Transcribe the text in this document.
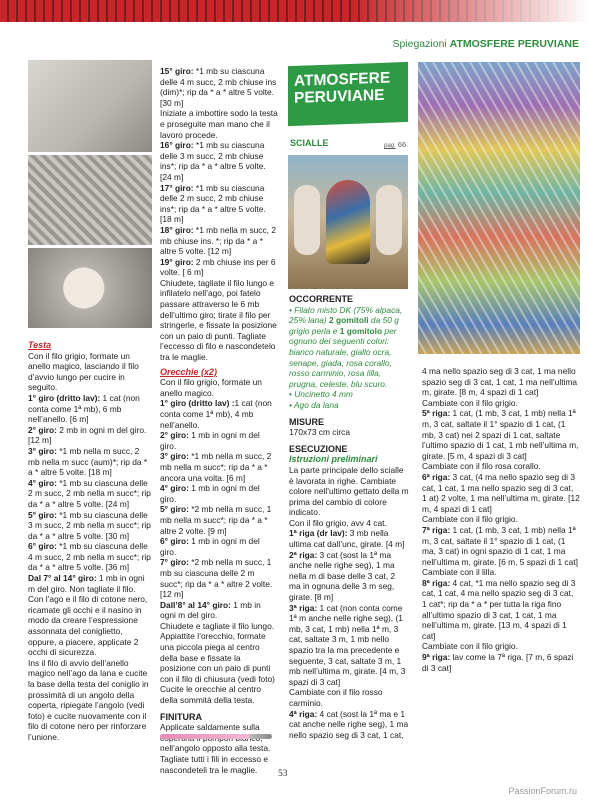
Spiegazioni ATMOSFERE PERUVIANE

Testa

Con il filo grigio, formate un anello magico, lasciando il filo d’avvio lungo per cucire in seguito.

1° giro (dritto lav): 1 cat (non conta come 1ª mb), 6 mb nell’anello. [6 m]

2° giro: 2 mb in ogni m del giro. [12 m]

3° giro: *1 mb nella m succ, 2 mb nella m succ (aum)*; rip da * a * altre 5 volte. [18 m]

4° giro: *1 mb su ciascuna delle 2 m succ, 2 mb nella m succ*; rip da * a * altre 5 volte. [24 m]

5° giro: *1 mb su ciascuna delle 3 m succ, 2 mb nella m succ*; rip da * a * altre 5 volte. [30 m]

6° giro: *1 mb su ciascuna delle 4 m succ, 2 mb nella m succ*; rip da * a * altre 5 volte. [36 m]

Dal 7° al 14° giro: 1 mb in ogni m del giro. Non tagliate il filo.

Con l’ago e il filo di cotone nero, ricamate gli occhi e il nasino in modo da creare l’espressione assonnata del coniglietto, oppure, a piacere, applicate 2 occhi di sicurezza.

Ins il filo di avvio dell’anello magico nell’ago da lana e cucite la base della testa del coniglio in prossimità di un angolo della coperta, ripiegate l’angolo (vedi foto) e cucite nuovamente con il filo di cotone nero per rinforzare l’unione.

15° giro: *1 mb su ciascuna delle 4 m succ, 2 mb chiuse ins (dim)*; rip da * a * altre 5 volte. [30 m]

Iniziate a imbottire sodo la testa e proseguite man mano che il lavoro procede.

16° giro: *1 mb su ciascuna delle 3 m succ, 2 mb chiuse ins*; rip da * a * altre 5 volte. [24 m]

17° giro: *1 mb su ciascuna delle 2 m succ, 2 mb chiuse ins*; rip da * a * altre 5 volte. [18 m]

18° giro: *1 mb nella m succ, 2 mb chiuse ins. *; rip da * a * altre 5 volte. [12 m]

19° giro: 2 mb chiuse ins per 6 volte. [ 6 m]

Chiudete, tagliate il filo lungo e infilatelo nell’ago, poi fatelo passare attraverso le 6 mb dell’ultimo giro; tirate il filo per stringerle, e fissate la posizione con un paio di punti. Tagliate l’eccesso di filo e nascondetelo tra le maglie.

Orecchie (x2)

Con il filo grigio, formate un anello magico.

1° giro (dritto lav) :1 cat (non conta come 1ª mb), 4 mb nell’anello.

2° giro: 1 mb in ogni m del giro.

3° giro: *1 mb nella m succ, 2 mb nella m succ*; rip da * a * ancora una volta. [6 m]

4° giro: 1 mb in ogni m del giro.

5° giro: *2 mb nella m succ, 1 mb nella m succ*; rip da * a * altre 2 volte. [9 m]

6° giro: 1 mb in ogni m del giro.

7° giro: *2 mb nella m succ, 1 mb su ciascuna delle 2 m succ*; rip da * a * altre 2 volte. [12 m]

Dall’8° al 14° giro: 1 mb in ogni m del giro.

Chiudete e tagliate il filo lungo. Appiattite l’orecchio, formate una piccola piega al centro della base e fissate la posizione con un paio di punti con il filo di chiusura (vedi foto)

Cucite le orecchie al centro della sommità della testa.

FINITURA

Applicate saldamente sulla nell’angolo opposto alla testa. Tagliate tutti i fili in eccesso e nascondeteli tra le maglie.

ATMOSFERE
PERUVIANE
SCIALLE	pag. 66

OCCORRENTE

• Filato misto DK (75% alpaca, 25% lana) 2 gomitoli da 50 g grigio perla e 1 gomitolo per ognuno dei seguenti colori: bianco naturale, giallo ocra, senape, giada, rosa corallo, rosso carminio, rosa lilla, prugna, celeste, blu scuro.

• Uncinetto 4 mm

• Ago da lana

MISURE

170x73 cm circa

ESECUZIONE

Istruzioni preliminari

La parte principale dello scialle è lavorata in righe. Cambiate colore nell’ultimo gettato della m prima del cambio di colore indicato.

Con il filo grigio, avv 4 cat.

1ª riga (dr lav): 3 mb nella ultima cat dall’unc, girate. [4 m]

2ª riga: 3 cat (sost la 1ª ma anche nelle righe seg), 1 ma nella m di base delle 3 cat, 2 ma in ognuna delle 3 m seg, girate. [8 m]

3ª riga: 1 cat (non conta come 1ª m anche nelle righe seg), (1 mb, 3 cat, 1 mb) nella 1ª m, 3 cat, saltate 3 m, 1 mb nello spazio tra la ma precedente e seguente, 3 cat, saltate 3 m, 1 mb nell’ultima m, girate. [4 m, 3 spazi di 3 cat]

Cambiate con il filo rosso carminio.

4ª riga: 4 cat (sost la 1ª ma e 1 cat anche nelle righe seg), 1 ma nello spazio seg di 3 cat, 1 cat,

4 ma nello spazio seg di 3 cat, 1 ma nello spazio seg di 3 cat, 1 cat, 1 ma nell’ultima m, girate. [8 m, 4 spazi di 1 cat]

Cambiate con il filo grigio.

5ª riga: 1 cat, (1 mb, 3 cat, 1 mb) nella 1ª m, 3 cat, saltate il 1° spazio di 1 cat, (1 mb, 3 cat) nei 2 spazi di 1 cat, saltate l’ultimo spazio di 1 cat, 1 mb nell’ultima m, girate. [5 m, 4 spazi di 3 cat]

Cambiate con il filo rosa corallo.

6ª riga: 3 cat, (4 ma nello spazio seg di 3 cat, 1 cat, 1 ma nello spazio seg di 3 cat, 1 at) 2 volte, 1 ma nell’ultima m, girate. [12 m, 4 spazi di 1 cat]

Cambiate con il filo grigio.

7ª riga: 1 cat, (1 mb, 3 cat, 1 mb) nella 1ª m, 3 cat, saltate il 1° spazio di 1 cat, (1 ma, 3 cat) in ogni spazio di 1 cat, 1 ma nell’ultima m, girate. [6 m, 5 spazi di 1 cat]

Cambiate con il lilla.

8ª riga: 4 cat, *1 ma nello spazio seg di 3 cat, 1 cat, 4 ma nello spazio seg di 3 cat, 1 cat*; rip da * a * per tutta la riga fino all’ultimo spazio di 3 cat, 1 cat, 1 ma nell’ultima m, girate. [13 m, 4 spazi di 1 cat]

Cambiate con il filo grigio.

9ª riga: lav come la 7ª riga. [7 m, 6 spazi di 3 cat]

53
PassionForum.ru
